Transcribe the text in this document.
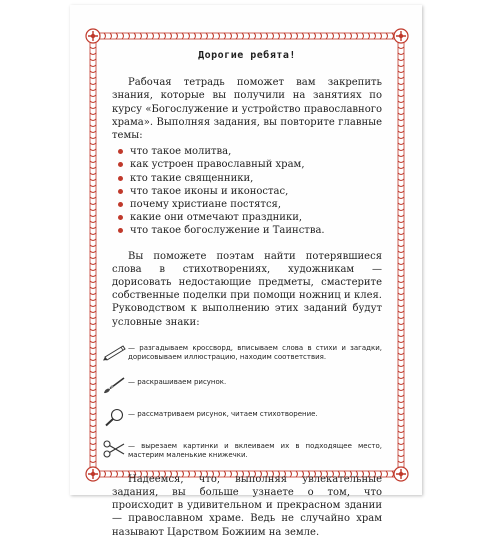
Дорогие ребята!

Рабочая тетрадь поможет вам закрепить знания, которые вы получили на занятиях по курсу «Богослужение и устройство православного храма». Выполняя задания, вы повторите главные темы:

что такое молитва,
как устроен православный храм,
кто такие священники,
что такое иконы и иконостас,
почему христиане постятся,
какие они отмечают праздники,
что такое богослужение и Таинства.

Вы поможете поэтам найти потерявшиеся слова в стихотворениях, художникам — дорисовать недостающие предметы, смастерите собственные поделки при помощи ножниц и клея. Руководством к выполнению этих заданий будут условные знаки:

— разгадываем кроссворд, вписываем слова в стихи и загадки, дорисовываем иллюстрацию, находим соответствия.
— раскрашиваем рисунок.
— рассматриваем рисунок, читаем стихотворение.
— вырезаем картинки и вклеиваем их в подходящее место, мастерим маленькие книжечки.

Надеемся, что, выполняя увлекательные задания, вы больше узнаете о том, что происходит в удивительном и прекрасном здании — православном храме. Ведь не случайно храм называют Царством Божиим на земле.
